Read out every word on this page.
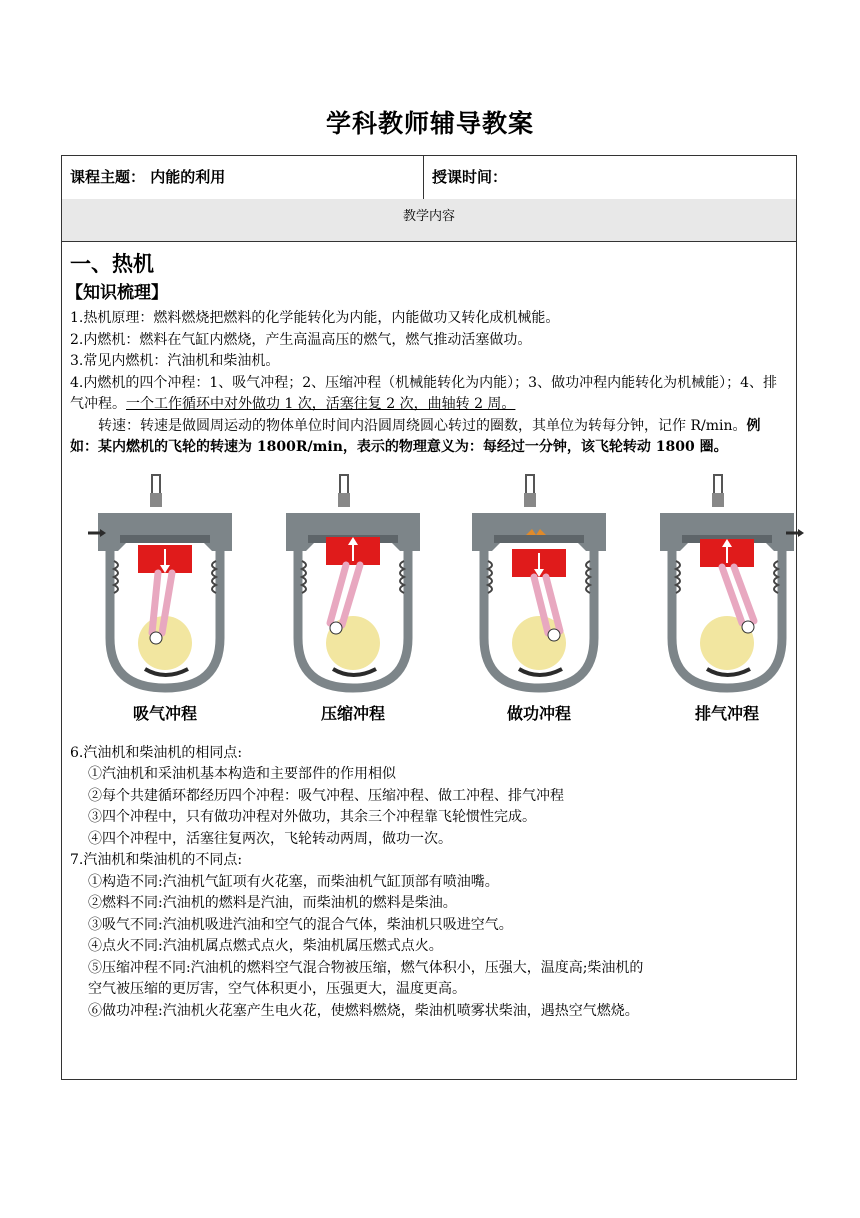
学科教师辅导教案
课程主题： 内能的利用	授课时间：
教学内容
一、热机
【知识梳理】
1.热机原理：燃料燃烧把燃料的化学能转化为内能，内能做功又转化成机械能。
2.内燃机：燃料在气缸内燃烧，产生高温高压的燃气，燃气推动活塞做功。
3.常见内燃机：汽油机和柴油机。
4.内燃机的四个冲程：1、吸气冲程；2、压缩冲程（机械能转化为内能）；3、做功冲程内能转化为机械能）；4、排气冲程。一个工作循环中对外做功 1 次，活塞往复 2 次，曲轴转 2 周。
转速：转速是做圆周运动的物体单位时间内沿圆周绕圆心转过的圈数，其单位为转每分钟，记作 R/min。例如：某内燃机的飞轮的转速为 1800R/min，表示的物理意义为：每经过一分钟，该飞轮转动 1800 圈。
吸气冲程	压缩冲程	做功冲程	排气冲程
6.汽油机和柴油机的相同点:
①汽油机和采油机基本构造和主要部件的作用相似
②每个共建循环都经历四个冲程：吸气冲程、压缩冲程、做工冲程、排气冲程
③四个冲程中，只有做功冲程对外做功，其余三个冲程靠飞轮惯性完成。
④四个冲程中，活塞往复两次，飞轮转动两周，做功一次。
7.汽油机和柴油机的不同点:
①构造不同:汽油机气缸项有火花塞，而柴油机气缸顶部有喷油嘴。
②燃料不同:汽油机的燃料是汽油，而柴油机的燃料是柴油。
③吸气不同:汽油机吸进汽油和空气的混合气体，柴油机只吸进空气。
④点火不同:汽油机属点燃式点火，柴油机属压燃式点火。
⑤压缩冲程不同:汽油机的燃料空气混合物被压缩，燃气体积小，压强大，温度高;柴油机的
空气被压缩的更厉害，空气体积更小，压强更大，温度更高。
⑥做功冲程:汽油机火花塞产生电火花，使燃料燃烧，柴油机喷雾状柴油，遇热空气燃烧。
